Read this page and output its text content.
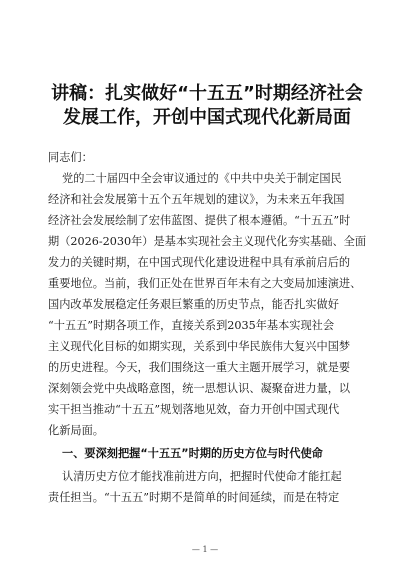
讲稿：扎实做好“十五五”时期经济社会
发展工作，开创中国式现代化新局面
同志们：
党的二十届四中全会审议通过的《中共中央关于制定国民
经济和社会发展第十五个五年规划的建议》，为未来五年我国
经济社会发展绘制了宏伟蓝图、提供了根本遵循。“十五五”时
期（2026-2030年）是基本实现社会主义现代化夯实基础、全面
发力的关键时期，在中国式现代化建设进程中具有承前启后的
重要地位。当前，我们正处在世界百年未有之大变局加速演进、
国内改革发展稳定任务艰巨繁重的历史节点，能否扎实做好
“十五五”时期各项工作，直接关系到2035年基本实现社会
主义现代化目标的如期实现，关系到中华民族伟大复兴中国梦
的历史进程。今天，我们围绕这一重大主题开展学习，就是要
深刻领会党中央战略意图，统一思想认识、凝聚奋进力量，以
实干担当推动“十五五”规划落地见效，奋力开创中国式现代
化新局面。
一、要深刻把握“十五五”时期的历史方位与时代使命
认清历史方位才能找准前进方向，把握时代使命才能扛起
责任担当。“十五五”时期不是简单的时间延续，而是在特定
— 1 —
